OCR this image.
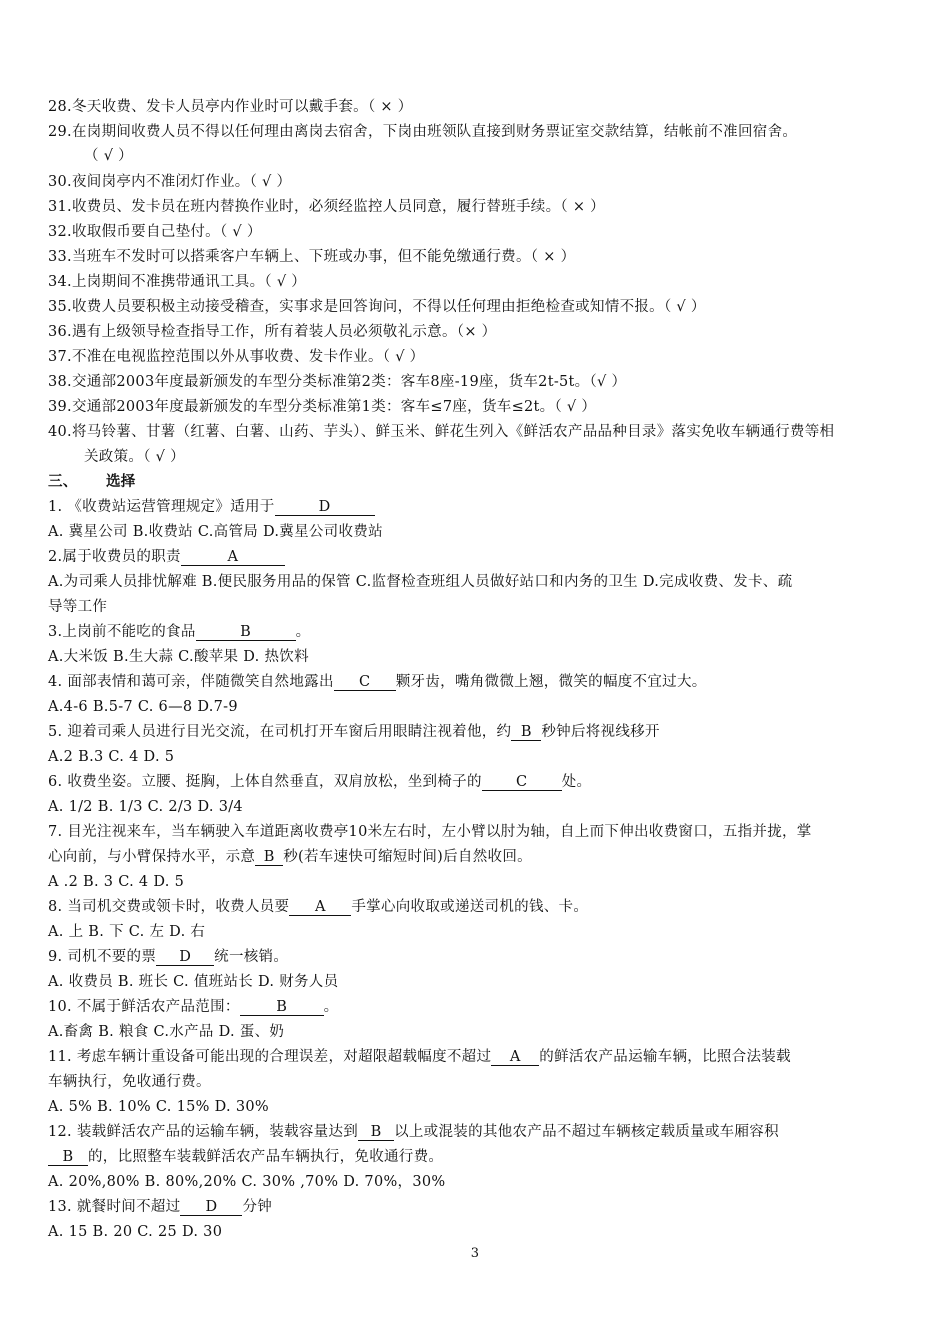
28.冬天收费、发卡人员亭内作业时可以戴手套。（ × ）
29.在岗期间收费人员不得以任何理由离岗去宿舍，下岗由班领队直接到财务票证室交款结算，结帐前不准回宿舍。
（ √ ）
30.夜间岗亭内不准闭灯作业。（ √ ）
31.收费员、发卡员在班内替换作业时，必须经监控人员同意，履行替班手续。（ × ）
32.收取假币要自己垫付。（ √ ）
33.当班车不发时可以搭乘客户车辆上、下班或办事，但不能免缴通行费。（ × ）
34.上岗期间不准携带通讯工具。（ √ ）
35.收费人员要积极主动接受稽查，实事求是回答询问，不得以任何理由拒绝检查或知情不报。（ √ ）
36.遇有上级领导检查指导工作，所有着装人员必须敬礼示意。（× ）
37.不准在电视监控范围以外从事收费、发卡作业。（ √ ）
38.交通部2003年度最新颁发的车型分类标准第2类：客车8座-19座，货车2t-5t。（√ ）
39.交通部2003年度最新颁发的车型分类标准第1类：客车≤7座，货车≤2t。（ √ ）
40.将马铃薯、甘薯（红薯、白薯、山药、芋头）、鲜玉米、鲜花生列入《鲜活农产品品种目录》落实免收车辆通行费等相
关政策。（ √ ）
三、 选择
1. 《收费站运营管理规定》适用于	D
A. 冀星公司 B.收费站 C.高管局 D.冀星公司收费站
2.属于收费员的职责	A
A.为司乘人员排忧解难 B.便民服务用品的保管 C.监督检查班组人员做好站口和内务的卫生 D.完成收费、发卡、疏
导等工作
3.上岗前不能吃的食品	B	。
A.大米饭 B.生大蒜 C.酸苹果 D. 热饮料
4. 面部表情和蔼可亲，伴随微笑自然地露出 C 颗牙齿，嘴角微微上翘，微笑的幅度不宜过大。
A.4-6 B.5-7 C. 6—8 D.7-9
5. 迎着司乘人员进行目光交流，在司机打开车窗后用眼睛注视着他，约 B 秒钟后将视线移开
A.2 B.3 C. 4 D. 5
6. 收费坐姿。立腰、挺胸，上体自然垂直，双肩放松，坐到椅子的 C 处。
A. 1/2 B. 1/3 C. 2/3 D. 3/4
7. 目光注视来车，当车辆驶入车道距离收费亭10米左右时，左小臂以肘为轴，自上而下伸出收费窗口，五指并拢，掌
心向前，与小臂保持水平，示意 B 秒(若车速快可缩短时间)后自然收回。
A .2 B. 3 C. 4 D. 5
8. 当司机交费或领卡时，收费人员要 A 手掌心向收取或递送司机的钱、卡。
A. 上 B. 下 C. 左 D. 右
9. 司机不要的票 D 统一核销。
A. 收费员 B. 班长 C. 值班站长 D. 财务人员
10. 不属于鲜活农产品范围：	B	。
A.畜禽 B. 粮食 C.水产品 D. 蛋、奶
11. 考虑车辆计重设备可能出现的合理误差，对超限超载幅度不超过 A 的鲜活农产品运输车辆，比照合法装载
车辆执行，免收通行费。
A. 5% B. 10% C. 15% D. 30%
12. 装载鲜活农产品的运输车辆，装载容量达到 B 以上或混装的其他农产品不超过车辆核定载质量或车厢容积
B 的，比照整车装载鲜活农产品车辆执行，免收通行费。
A. 20%,80% B. 80%,20% C. 30% ,70% D. 70%，30%
13. 就餐时间不超过 D 分钟
A. 15 B. 20 C. 25 D. 30
3
